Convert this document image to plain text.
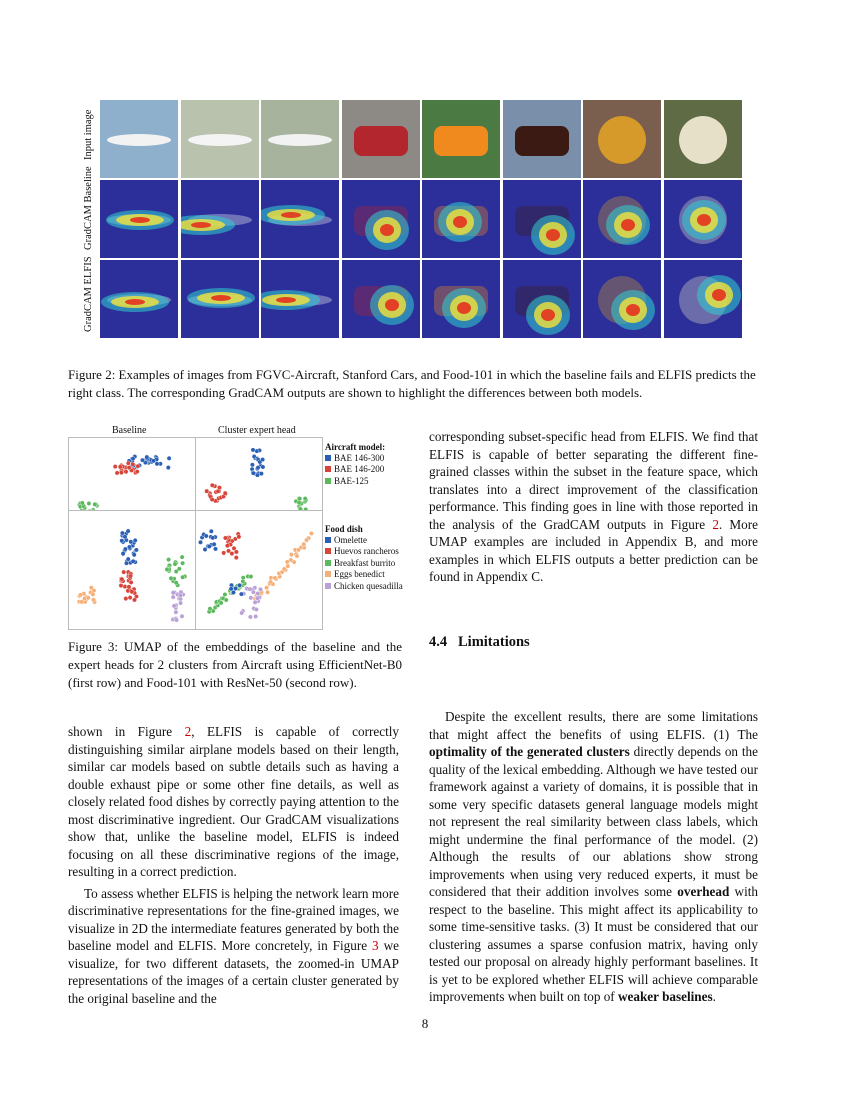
Input image
GradCAM Baseline
GradCAM ELFIS
Figure 2: Examples of images from FGVC-Aircraft, Stanford Cars, and Food-101 in which the baseline fails and ELFIS predicts the right class. The corresponding GradCAM outputs are shown to highlight the differences between both models.
Baseline	Cluster expert head
Aircraft model:
BAE 146-300
BAE 146-200
BAE-125
Food dish
Omelette
Huevos rancheros
Breakfast burrito
Eggs benedict
Chicken quesadilla
Figure 3: UMAP of the embeddings of the baseline and the expert heads for 2 clusters from Aircraft using EfficientNet-B0 (first row) and Food-101 with ResNet-50 (second row).

corresponding subset-specific head from ELFIS. We find that ELFIS is capable of better separating the different fine-grained classes within the subset in the feature space, which translates into a direct improvement of the classification performance. This finding goes in line with those reported in the analysis of the GradCAM outputs in Figure 2. More UMAP examples are included in Appendix B, and more examples in which ELFIS outputs a better prediction can be found in Appendix C.

4.4 Limitations

Despite the excellent results, there are some limitations that might affect the benefits of using ELFIS. (1) The optimality of the generated clusters directly depends on the quality of the lexical embedding. Although we have tested our framework against a variety of domains, it is possible that in some very specific datasets general language models might not represent the real similarity between class labels, which might undermine the final performance of the model. (2) Although the results of our ablations show strong improvements when using very reduced experts, it must be considered that their addition involves some overhead with respect to the baseline. This might affect its applicability to some time-sensitive tasks. (3) It must be considered that our clustering assumes a sparse confusion matrix, having only tested our proposal on already highly performant baselines. It is yet to be explored whether ELFIS will achieve comparable improvements when built on top of weaker baselines.

shown in Figure 2, ELFIS is capable of correctly distinguishing similar airplane models based on their length, similar car models based on subtle details such as having a double exhaust pipe or some other fine details, as well as closely related food dishes by correctly paying attention to the most discriminative ingredient. Our GradCAM visualizations show that, unlike the baseline model, ELFIS is indeed focusing on all these discriminative regions of the image, resulting in a correct prediction.

To assess whether ELFIS is helping the network learn more discriminative representations for the fine-grained images, we visualize in 2D the intermediate features generated by both the baseline model and ELFIS. More concretely, in Figure 3 we visualize, for two different datasets, the zoomed-in UMAP representations of the images of a certain cluster generated by the original baseline and the

8
